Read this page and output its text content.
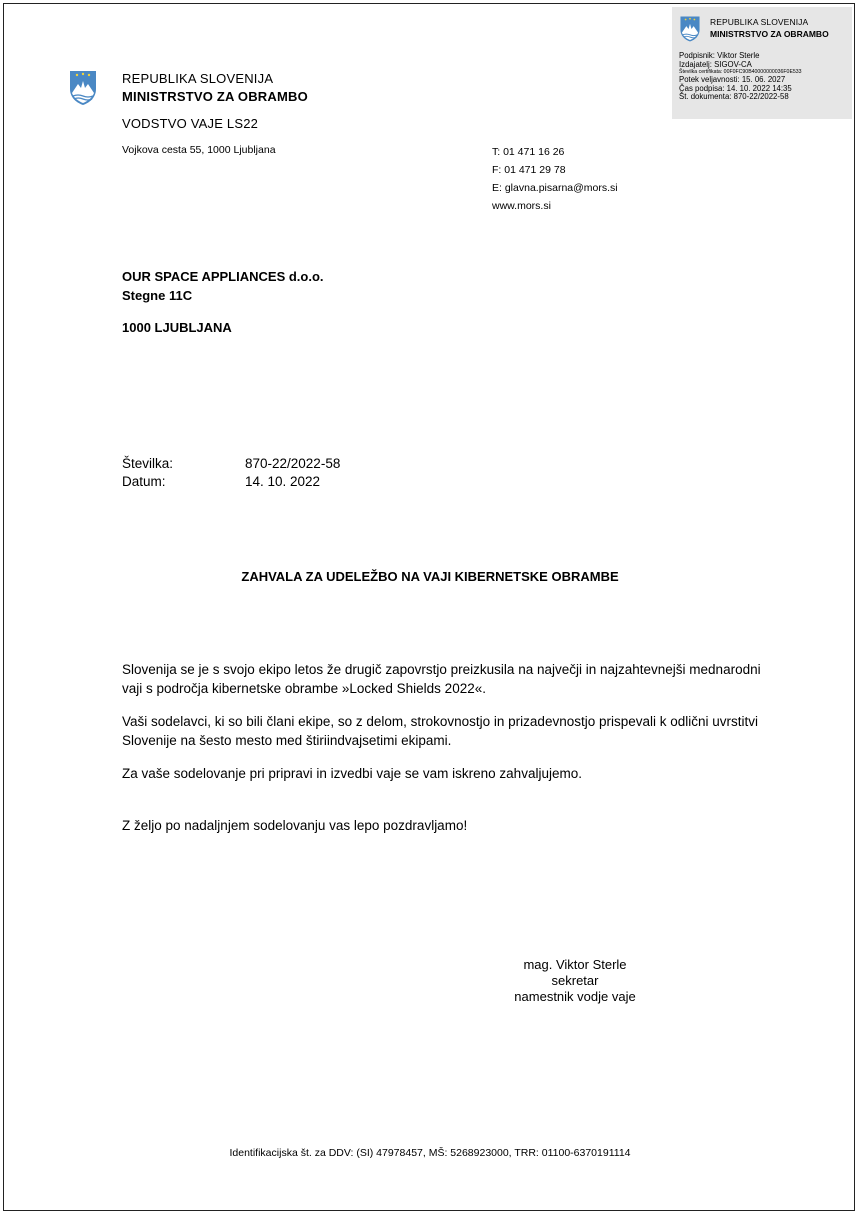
REPUBLIKA SLOVENIJA
MINISTRSTVO ZA OBRAMBO
Podpisnik: Viktor Sterle
Izdajatelj: SIGOV-CA
Številka certifikata: 00F0FC90B40000000036F0E533
Potek veljavnosti: 15. 06. 2027
Čas podpisa: 14. 10. 2022 14:35
Št. dokumenta: 870-22/2022-58
REPUBLIKA SLOVENIJA
MINISTRSTVO ZA OBRAMBO
VODSTVO VAJE LS22
Vojkova cesta 55, 1000 Ljubljana	T: 01 471 16 26
F: 01 471 29 78
E: glavna.pisarna@mors.si
www.mors.si
OUR SPACE APPLIANCES d.o.o.
Stegne 11C
1000 LJUBLJANA
Številka:	870-22/2022-58
Datum:	14. 10. 2022
ZAHVALA ZA UDELEŽBO NA VAJI KIBERNETSKE OBRAMBE

Slovenija se je s svojo ekipo letos že drugič zapovrstjo preizkusila na največji in najzahtevnejši mednarodni vaji s področja kibernetske obrambe »Locked Shields 2022«.

Vaši sodelavci, ki so bili člani ekipe, so z delom, strokovnostjo in prizadevnostjo prispevali k odlični uvrstitvi Slovenije na šesto mesto med štiriindvajsetimi ekipami.

Za vaše sodelovanje pri pripravi in izvedbi vaje se vam iskreno zahvaljujemo.

Z željo po nadaljnjem sodelovanju vas lepo pozdravljamo!

mag. Viktor Sterle
sekretar
namestnik vodje vaje
Identifikacijska št. za DDV: (SI) 47978457, MŠ: 5268923000, TRR: 01100-6370191114
